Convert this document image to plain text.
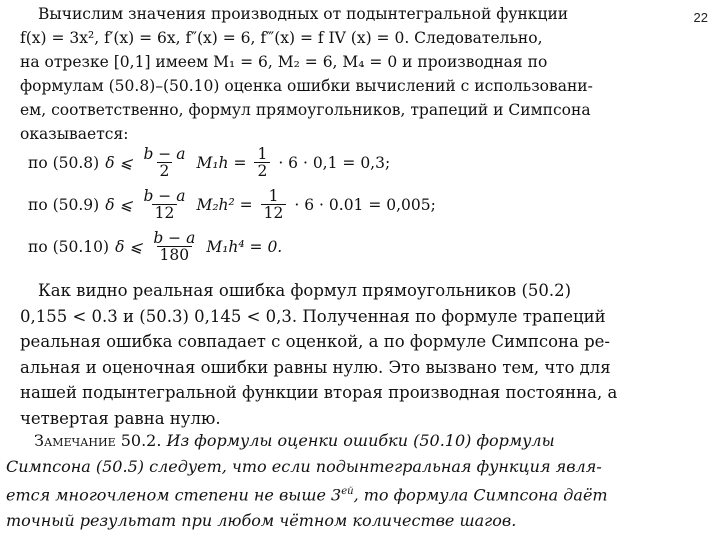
22
Вычислим значения производных от подынтегральной функции
f(x) = 3x², f′(x) = 6x, f″(x) = 6, f‴(x) = f IV (x) = 0. Следовательно,
на отрезке [0,1] имеем M₁ = 6, M₂ = 6, M₄ = 0 и производная по
формулам (50.8)–(50.10) оценка ошибки вычислений с использовани-
ем, соответственно, формул прямоугольников, трапеций и Симпсона
оказывается:
по (50.8) δ ⩽ $\frac{b - a}{2} M_1h = \frac{1}{2} \cdot 6 \cdot 0,1 = 0,3$;
по (50.9) δ ⩽ $\frac{b - a}{12} M_2h^2 = \frac{1}{12} \cdot 6 \cdot 0.01 = 0,005$;
по (50.10) δ ⩽ $\frac{b - a}{180} M_1h^4 = 0$.
Как видно реальная ошибка формул прямоугольников (50.2)
0,155 < 0.3 и (50.3) 0,145 < 0,3. Полученная по формуле трапеций
реальная ошибка совпадает с оценкой, а по формуле Симпсона ре-
альная и оценочная ошибки равны нулю. Это вызвано тем, что для
нашей подынтегральной функции вторая производная постоянна, а
четвертая равна нулю.
Замечание 50.2. Из формулы оценки ошибки (50.10) формулы
Симпсона (50.5) следует, что если подынтегральная функция явля-
ется многочленом степени не выше $3^{ей}$, то формула Симпсона даёт
точный результат при любом чётном количестве шагов.
